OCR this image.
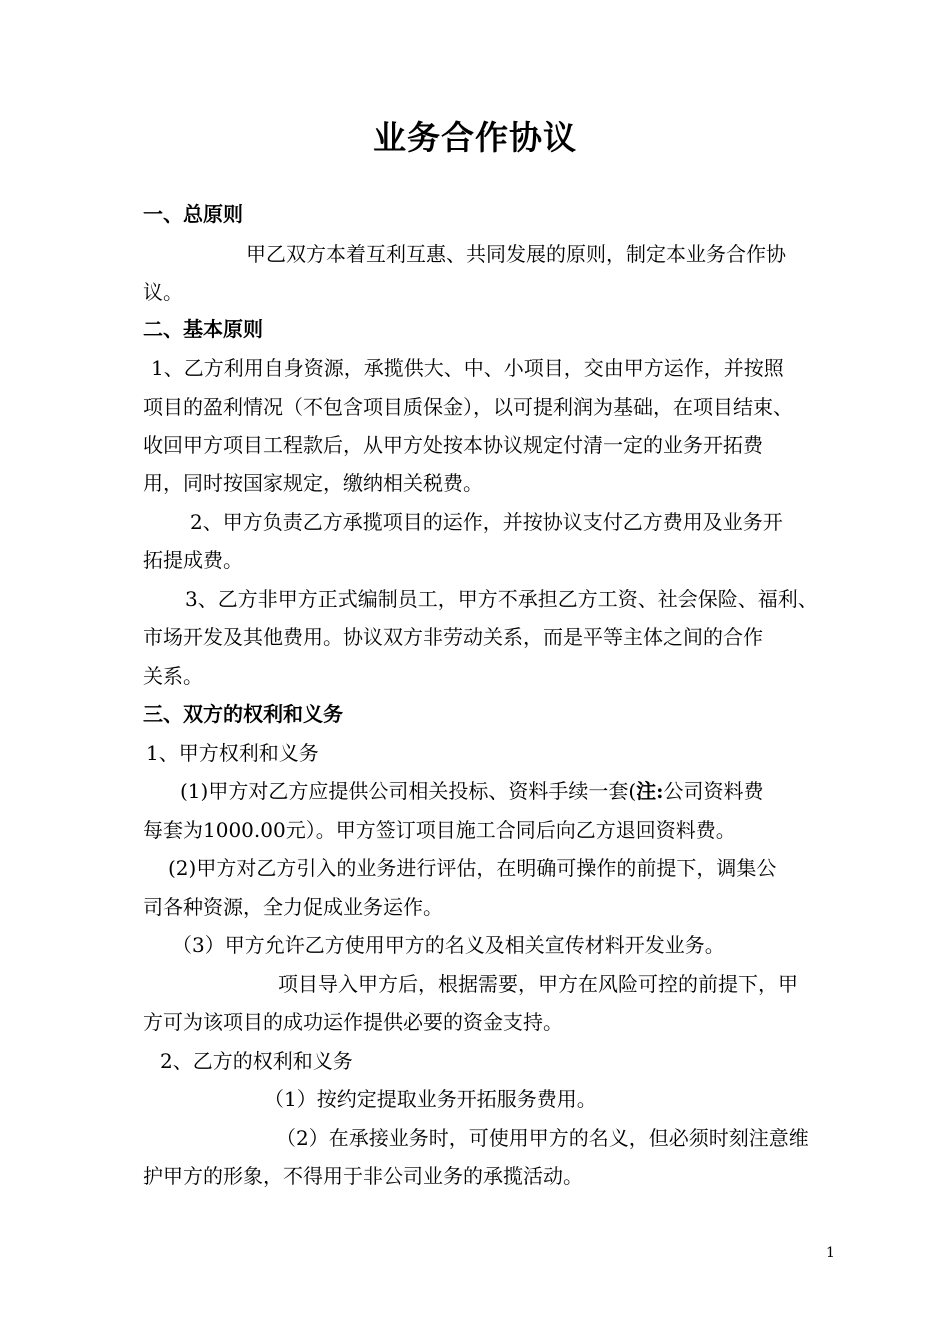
业务合作协议
一、总原则
甲乙双方本着互利互惠、共同发展的原则，制定本业务合作协
议。
二、基本原则
1、乙方利用自身资源，承揽供大、中、小项目，交由甲方运作，并按照
项目的盈利情况（不包含项目质保金），以可提利润为基础，在项目结束、
收回甲方项目工程款后，从甲方处按本协议规定付清一定的业务开拓费
用，同时按国家规定，缴纳相关税费。
2、甲方负责乙方承揽项目的运作，并按协议支付乙方费用及业务开
拓提成费。
3、乙方非甲方正式编制员工，甲方不承担乙方工资、社会保险、福利、
市场开发及其他费用。协议双方非劳动关系，而是平等主体之间的合作
关系。
三、双方的权利和义务
1、甲方权利和义务
(1)甲方对乙方应提供公司相关投标、资料手续一套(注:公司资料费
每套为1000.00元）。甲方签订项目施工合同后向乙方退回资料费。
(2)甲方对乙方引入的业务进行评估，在明确可操作的前提下，调集公
司各种资源，全力促成业务运作。
（3）甲方允许乙方使用甲方的名义及相关宣传材料开发业务。
项目导入甲方后，根据需要，甲方在风险可控的前提下，甲
方可为该项目的成功运作提供必要的资金支持。
2、乙方的权利和义务
（1）按约定提取业务开拓服务费用。
（2）在承接业务时，可使用甲方的名义，但必须时刻注意维
护甲方的形象，不得用于非公司业务的承揽活动。
1
